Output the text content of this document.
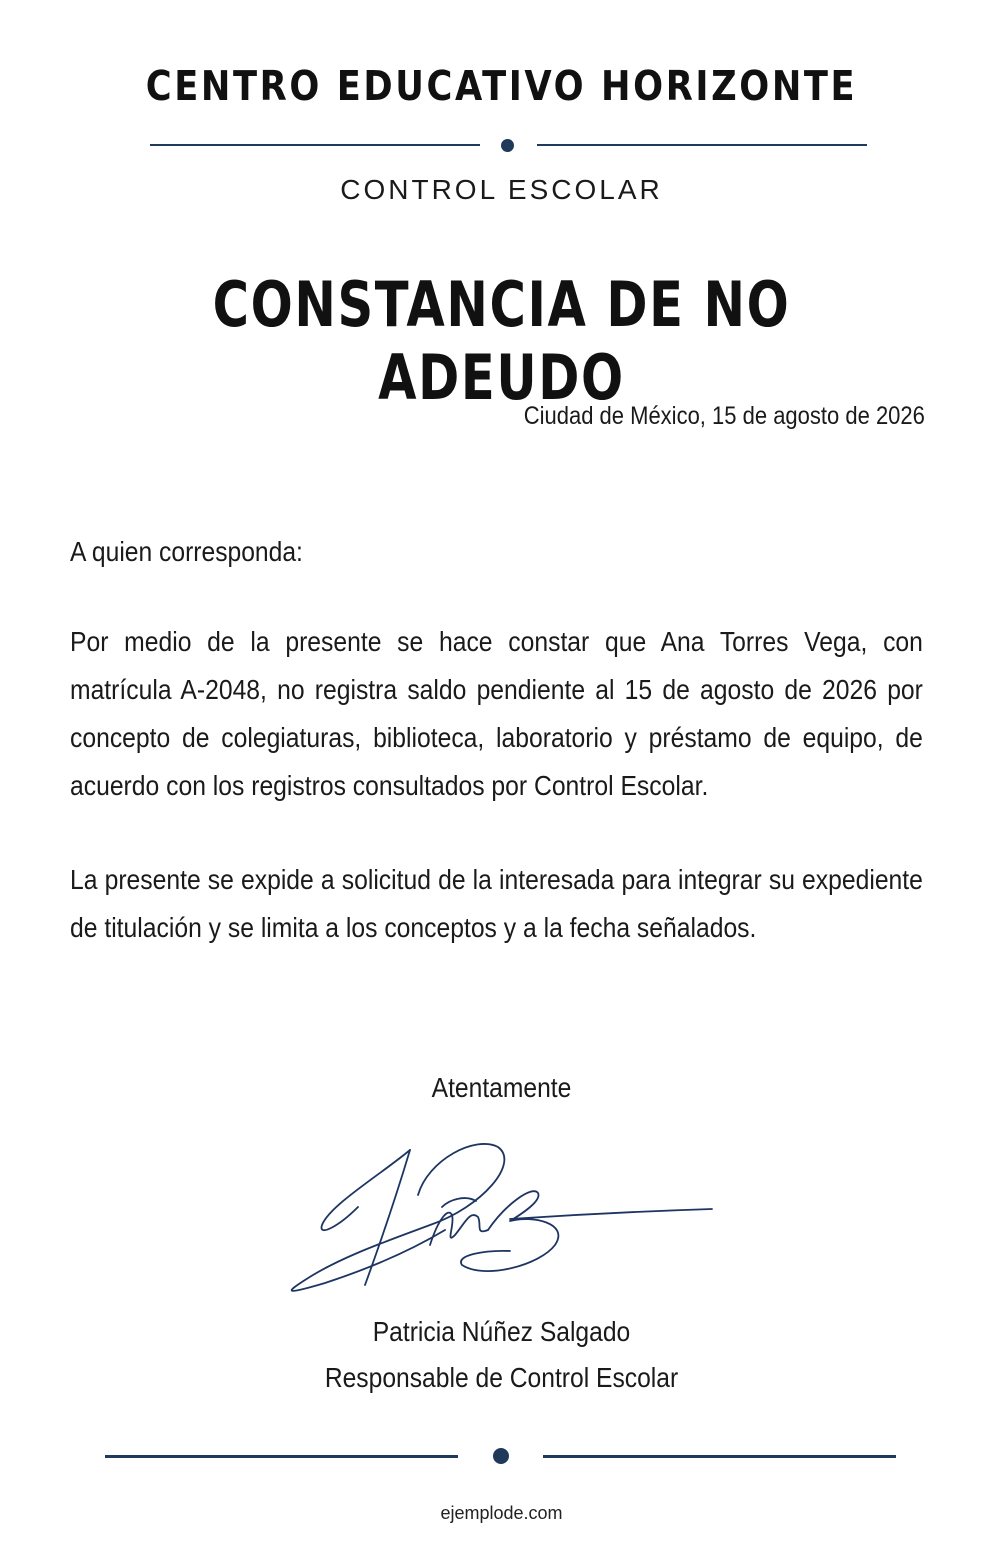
CENTRO EDUCATIVO HORIZONTE
CONTROL ESCOLAR
CONSTANCIA DE NO ADEUDO
Ciudad de México, 15 de agosto de 2026
A quien corresponda:
Por medio de la presente se hace constar que Ana Torres Vega, con matrícula A-2048, no registra saldo pendiente al 15 de agosto de 2026 por concepto de colegiaturas, biblioteca, laboratorio y préstamo de equipo, de acuerdo con los registros consultados por Control Escolar.
La presente se expide a solicitud de la interesada para integrar su expediente de titulación y se limita a los conceptos y a la fecha señalados.
Atentamente
Patricia Núñez Salgado
Responsable de Control Escolar
ejemplode.com
